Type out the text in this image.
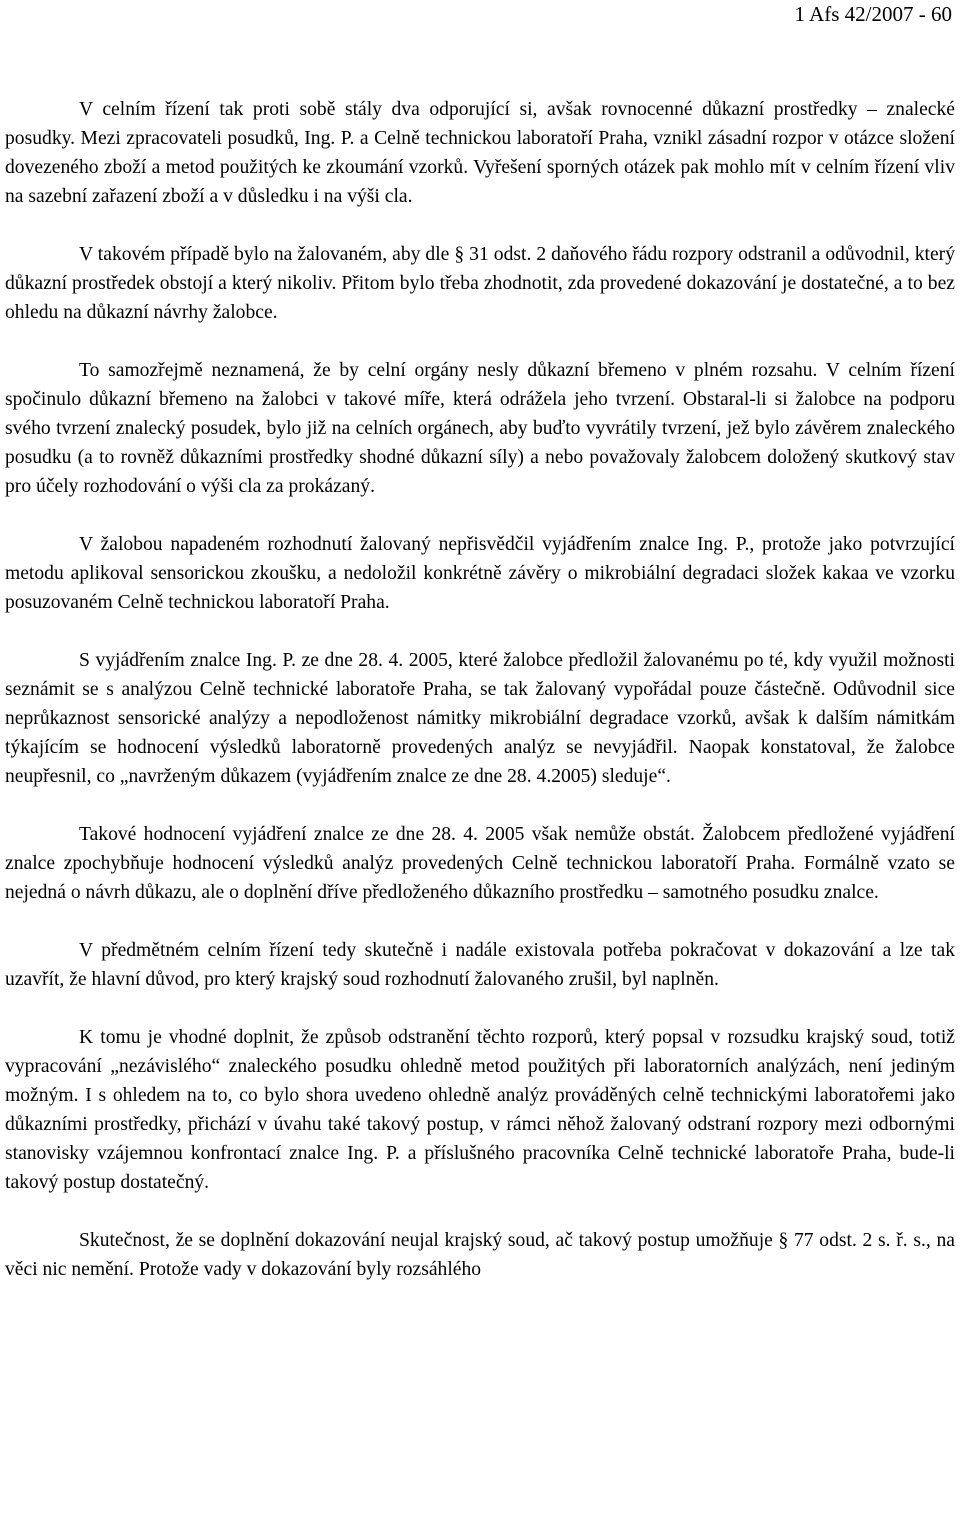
1 Afs 42/2007 - 60

V celním řízení tak proti sobě stály dva odporující si, avšak rovnocenné důkazní prostředky – znalecké posudky. Mezi zpracovateli posudků, Ing. P. a Celně technickou laboratoří Praha, vznikl zásadní rozpor v otázce složení dovezeného zboží a metod použitých ke zkoumání vzorků. Vyřešení sporných otázek pak mohlo mít v celním řízení vliv na sazební zařazení zboží a v důsledku i na výši cla.

V takovém případě bylo na žalovaném, aby dle § 31 odst. 2 daňového řádu rozpory odstranil a odůvodnil, který důkazní prostředek obstojí a který nikoliv. Přitom bylo třeba zhodnotit, zda provedené dokazování je dostatečné, a to bez ohledu na důkazní návrhy žalobce.

To samozřejmě neznamená, že by celní orgány nesly důkazní břemeno v plném rozsahu. V celním řízení spočinulo důkazní břemeno na žalobci v takové míře, která odrážela jeho tvrzení. Obstaral-li si žalobce na podporu svého tvrzení znalecký posudek, bylo již na celních orgánech, aby buďto vyvrátily tvrzení, jež bylo závěrem znaleckého posudku (a to rovněž důkazními prostředky shodné důkazní síly) a nebo považovaly žalobcem doložený skutkový stav pro účely rozhodování o výši cla za prokázaný.

V žalobou napadeném rozhodnutí žalovaný nepřisvědčil vyjádřením znalce Ing. P., protože jako potvrzující metodu aplikoval sensorickou zkoušku, a nedoložil konkrétně závěry o mikrobiální degradaci složek kakaa ve vzorku posuzovaném Celně technickou laboratoří Praha.

S vyjádřením znalce Ing. P. ze dne 28. 4. 2005, které žalobce předložil žalovanému po té, kdy využil možnosti seznámit se s analýzou Celně technické laboratoře Praha, se tak žalovaný vypořádal pouze částečně. Odůvodnil sice neprůkaznost sensorické analýzy a nepodloženost námitky mikrobiální degradace vzorků, avšak k dalším námitkám týkajícím se hodnocení výsledků laboratorně provedených analýz se nevyjádřil. Naopak konstatoval, že žalobce neupřesnil, co „navrženým důkazem (vyjádřením znalce ze dne 28. 4.2005) sleduje“.

Takové hodnocení vyjádření znalce ze dne 28. 4. 2005 však nemůže obstát. Žalobcem předložené vyjádření znalce zpochybňuje hodnocení výsledků analýz provedených Celně technickou laboratoří Praha. Formálně vzato se nejedná o návrh důkazu, ale o doplnění dříve předloženého důkazního prostředku – samotného posudku znalce.

V předmětném celním řízení tedy skutečně i nadále existovala potřeba pokračovat v dokazování a lze tak uzavřít, že hlavní důvod, pro který krajský soud rozhodnutí žalovaného zrušil, byl naplněn.

K tomu je vhodné doplnit, že způsob odstranění těchto rozporů, který popsal v rozsudku krajský soud, totiž vypracování „nezávislého“ znaleckého posudku ohledně metod použitých při laboratorních analýzách, není jediným možným. I s ohledem na to, co bylo shora uvedeno ohledně analýz prováděných celně technickými laboratořemi jako důkazními prostředky, přichází v úvahu také takový postup, v rámci něhož žalovaný odstraní rozpory mezi odbornými stanovisky vzájemnou konfrontací znalce Ing. P. a příslušného pracovníka Celně technické laboratoře Praha, bude-li takový postup dostatečný.

Skutečnost, že se doplnění dokazování neujal krajský soud, ač takový postup umožňuje § 77 odst. 2 s. ř. s., na věci nic nemění. Protože vady v dokazování byly rozsáhlého
